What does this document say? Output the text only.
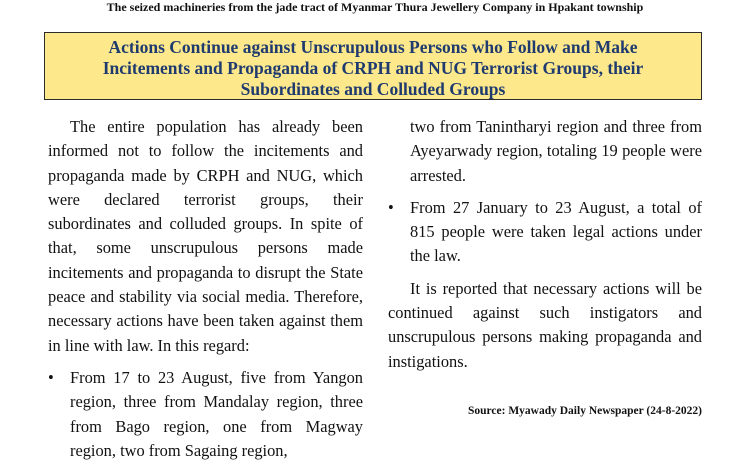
The seized machineries from the jade tract of Myanmar Thura Jewellery Company in Hpakant township
Actions Continue against Unscrupulous Persons who Follow and Make
Incitements and Propaganda of CRPH and NUG Terrorist Groups, their
Subordinates and Colluded Groups

The entire population has already been informed not to follow the incitements and propaganda made by CRPH and NUG, which were declared terrorist groups, their subordinates and colluded groups. In spite of that, some unscrupulous persons made incitements and propaganda to disrupt the State peace and stability via social media. Therefore, necessary actions have been taken against them in line with law. In this regard:

• From 17 to 23 August, five from Yangon region, three from Mandalay region, three from Bago region, one from Magway region, two from Sagaing region,

two from Tanintharyi region and three from Ayeyarwady region, totaling 19 people were arrested.

• From 27 January to 23 August, a total of 815 people were taken legal actions under the law.

It is reported that necessary actions will be continued against such instigators and unscrupulous persons making propaganda and instigations.

Source: Myawady Daily Newspaper (24-8-2022)
